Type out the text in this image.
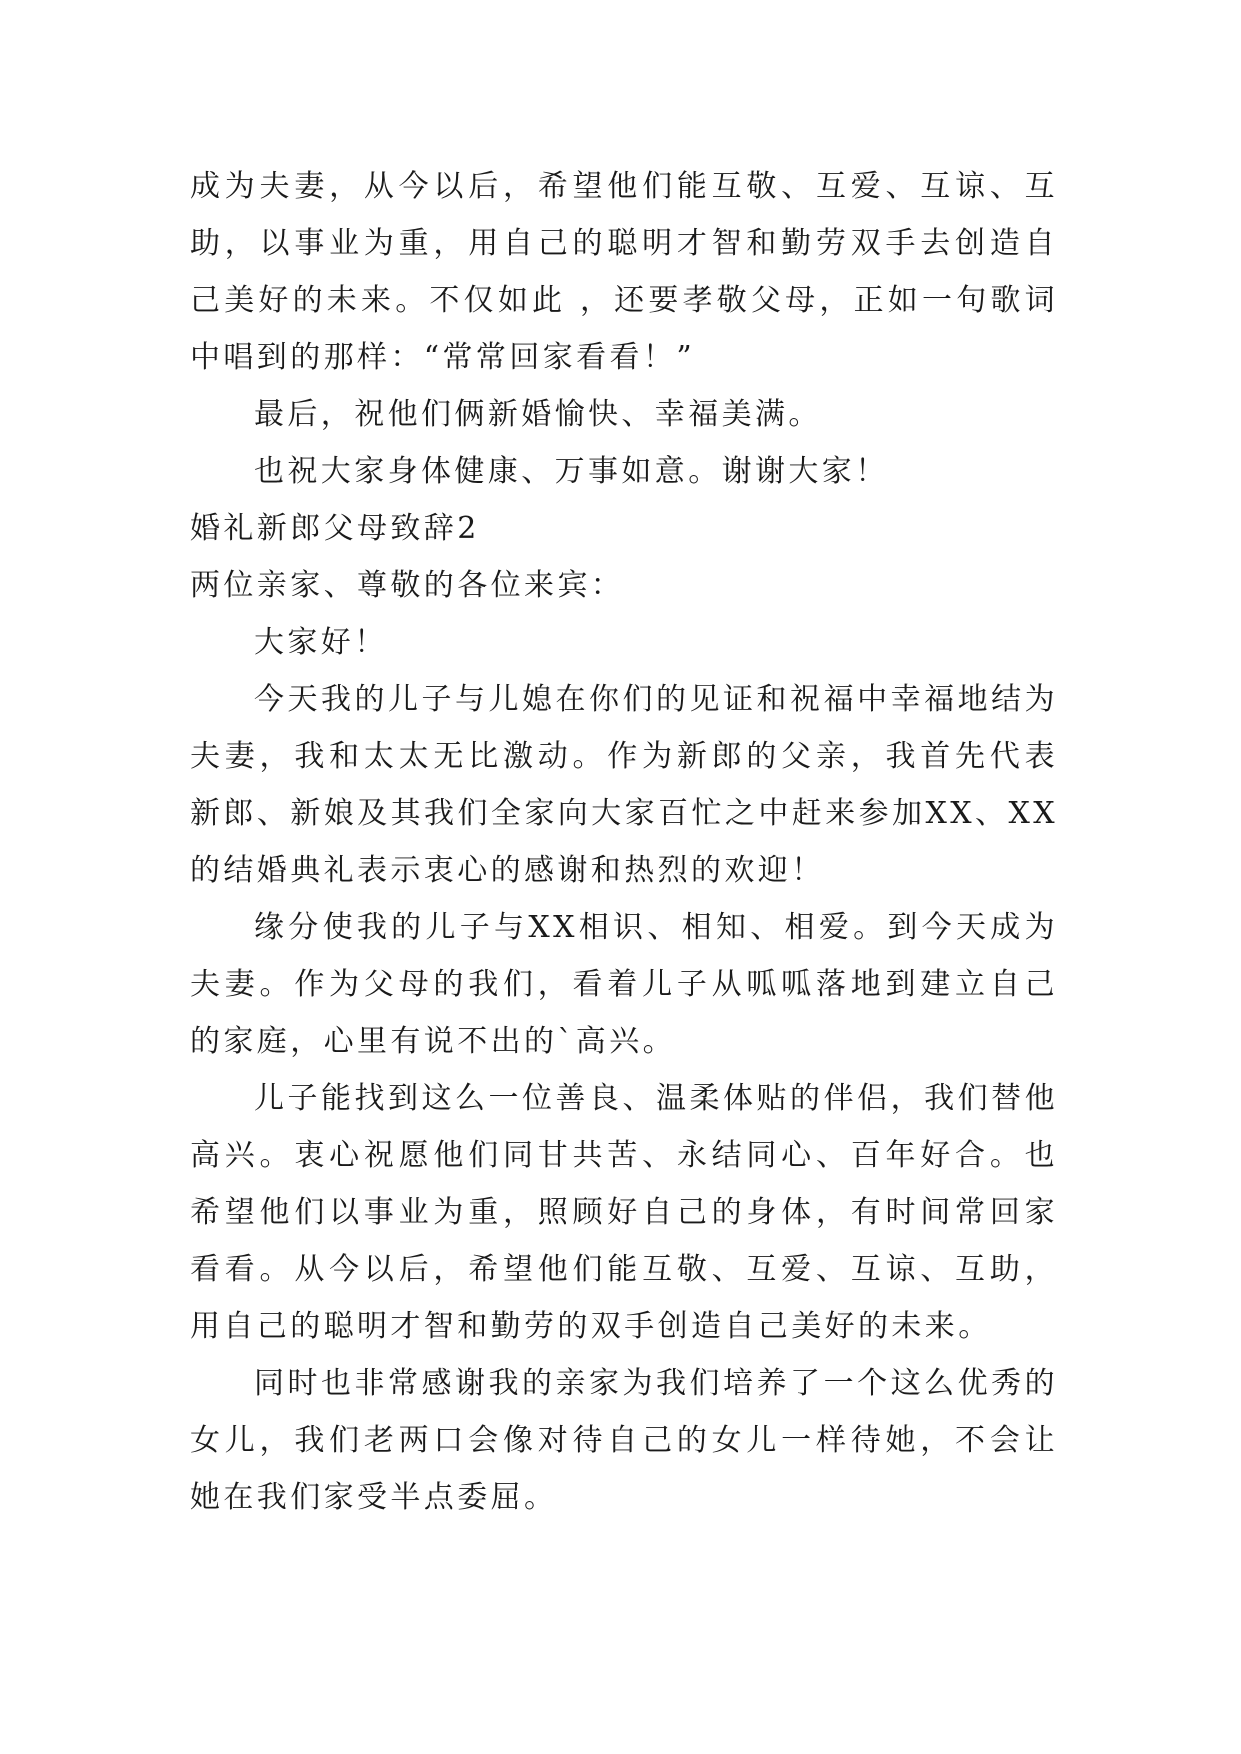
成为夫妻，从今以后，希望他们能互敬、互爱、互谅、互助，以事业为重，用自己的聪明才智和勤劳双手去创造自己美好的未来。不仅如此 ，还要孝敬父母，正如一句歌词中唱到的那样：“常常回家看看！”

最后，祝他们俩新婚愉快、幸福美满。

也祝大家身体健康、万事如意。谢谢大家！

婚礼新郎父母致辞2

两位亲家、尊敬的各位来宾：

大家好！

今天我的儿子与儿媳在你们的见证和祝福中幸福地结为夫妻，我和太太无比激动。作为新郎的父亲，我首先代表新郎、新娘及其我们全家向大家百忙之中赶来参加XX、XX的结婚典礼表示衷心的感谢和热烈的欢迎！

缘分使我的儿子与XX相识、相知、相爱。到今天成为夫妻。作为父母的我们，看着儿子从呱呱落地到建立自己的家庭，心里有说不出的`高兴。

儿子能找到这么一位善良、温柔体贴的伴侣，我们替他高兴。衷心祝愿他们同甘共苦、永结同心、百年好合。也希望他们以事业为重，照顾好自己的身体，有时间常回家看看。从今以后，希望他们能互敬、互爱、互谅、互助，用自己的聪明才智和勤劳的双手创造自己美好的未来。

同时也非常感谢我的亲家为我们培养了一个这么优秀的女儿，我们老两口会像对待自己的女儿一样待她，不会让她在我们家受半点委屈。
